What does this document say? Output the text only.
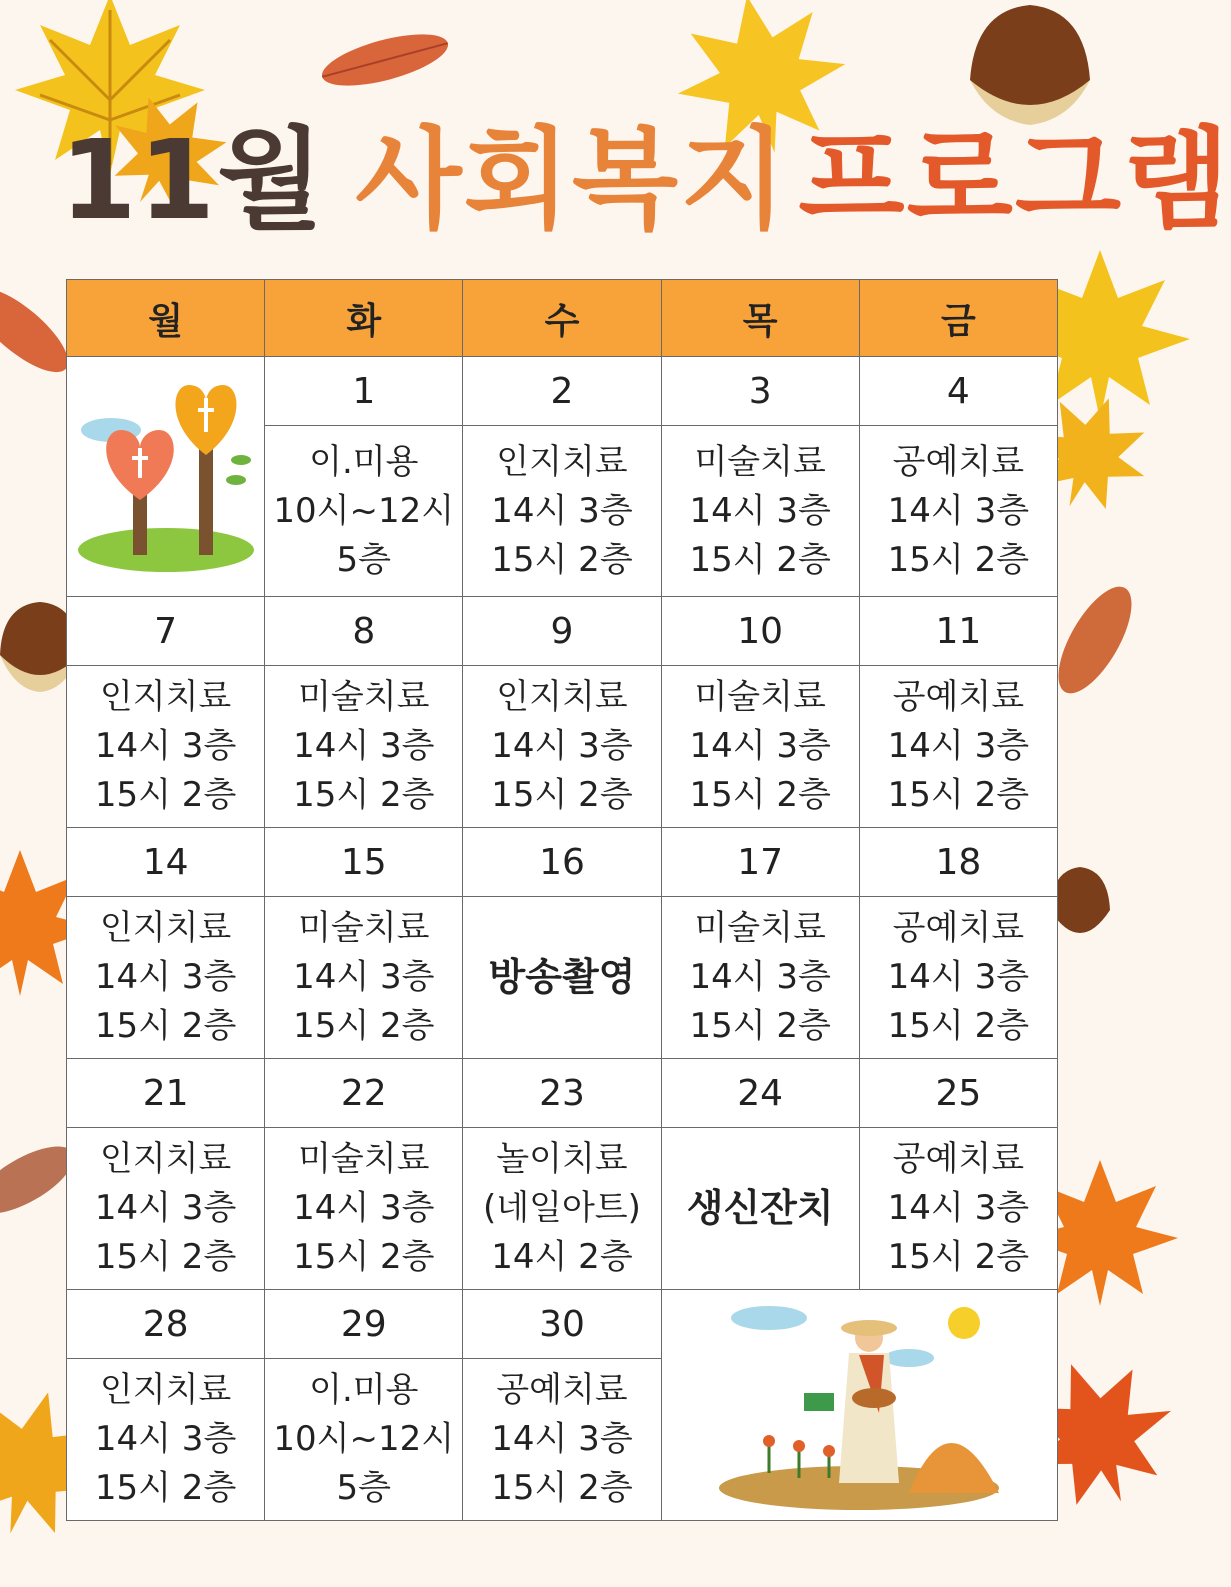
11월 사회복지프로그램
월	화	수	목	금
	1	2	3	4

	이.미용
10시~12시
5층	인지치료
14시 3층
15시 2층	미술치료
14시 3층
15시 2층	공예치료
14시 3층
15시 2층

7	8	9	10	11

인지치료
14시 3층
15시 2층	미술치료
14시 3층
15시 2층	인지치료
14시 3층
15시 2층	미술치료
14시 3층
15시 2층	공예치료
14시 3층
15시 2층

14	15	16	17	18

인지치료
14시 3층
15시 2층	미술치료
14시 3층
15시 2층	방송촬영	미술치료
14시 3층
15시 2층	공예치료
14시 3층
15시 2층

21	22	23	24	25

인지치료
14시 3층
15시 2층	미술치료
14시 3층
15시 2층	놀이치료
(네일아트)
14시 2층	생신잔치	공예치료
14시 3층
15시 2층

28	29	30	

인지치료
14시 3층
15시 2층	이.미용
10시~12시
5층	공예치료
14시 3층
15시 2층		
